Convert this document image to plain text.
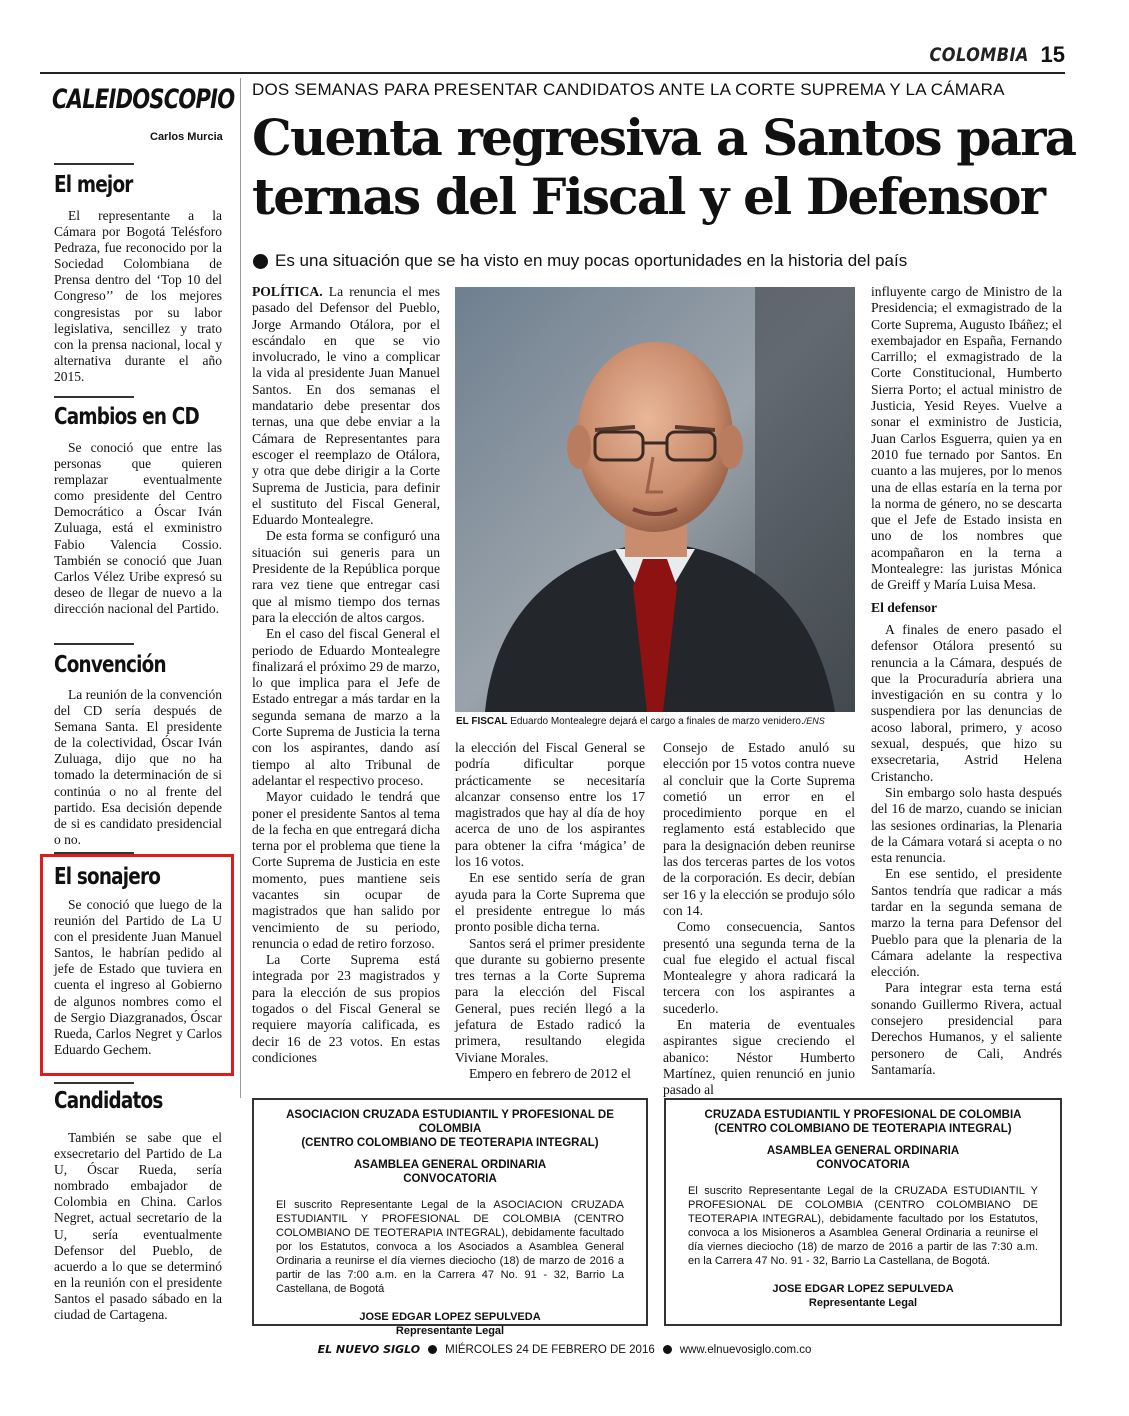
COLOMBIA 15
CALEIDOSCOPIO
Carlos Murcia
El mejor
El representante a la Cámara por Bogotá Telésforo Pedraza, fue reconocido por la Sociedad Colombiana de Prensa dentro del ‘Top 10 del Congreso’’ de los mejores congresistas por su labor legislativa, sencillez y trato con la prensa nacional, local y alternativa durante el año 2015.
Cambios en CD
Se conoció que entre las personas que quieren remplazar eventualmente como presidente del Centro Democrático a Óscar Iván Zuluaga, está el exministro Fabio Valencia Cossio. También se conoció que Juan Carlos Vélez Uribe expresó su deseo de llegar de nuevo a la dirección nacional del Partido.
Convención
La reunión de la convención del CD sería después de Semana Santa. El presidente de la colectividad, Óscar Iván Zuluaga, dijo que no ha tomado la determinación de si continúa o no al frente del partido. Esa decisión depende de si es candidato presidencial o no.
El sonajero
Se conoció que luego de la reunión del Partido de La U con el presidente Juan Manuel Santos, le habrían pedido al jefe de Estado que tuviera en cuenta el ingreso al Gobierno de algunos nombres como el de Sergio Diazgranados, Óscar Rueda, Carlos Negret y Carlos Eduardo Gechem.
Candidatos
También se sabe que el exsecretario del Partido de La U, Óscar Rueda, sería nombrado embajador de Colombia en China. Carlos Negret, actual secretario de la U, sería eventualmente Defensor del Pueblo, de acuerdo a lo que se determinó en la reunión con el presidente Santos el pasado sábado en la ciudad de Cartagena.
DOS SEMANAS PARA PRESENTAR CANDIDATOS ANTE LA CORTE SUPREMA Y LA CÁMARA
Cuenta regresiva a Santos para ternas del Fiscal y el Defensor
Es una situación que se ha visto en muy pocas oportunidades en la historia del país

POLÍTICA. La renuncia el mes pasado del Defensor del Pueblo, Jorge Armando Otálora, por el escándalo en que se vio involucrado, le vino a complicar la vida al presidente Juan Manuel Santos. En dos semanas el mandatario debe presentar dos ternas, una que debe enviar a la Cámara de Representantes para escoger el reemplazo de Otálora, y otra que debe dirigir a la Corte Suprema de Justicia, para definir el sustituto del Fiscal General, Eduardo Montealegre.

De esta forma se configuró una situación sui generis para un Presidente de la República porque rara vez tiene que entregar casi que al mismo tiempo dos ternas para la elección de altos cargos.

En el caso del fiscal General el periodo de Eduardo Montealegre finalizará el próximo 29 de marzo, lo que implica para el Jefe de Estado entregar a más tardar en la segunda semana de marzo a la Corte Suprema de Justicia la terna con los aspirantes, dando así tiempo al alto Tribunal de adelantar el respectivo proceso.

Mayor cuidado le tendrá que poner el presidente Santos al tema de la fecha en que entregará dicha terna por el problema que tiene la Corte Suprema de Justicia en este momento, pues mantiene seis vacantes sin ocupar de magistrados que han salido por vencimiento de su periodo, renuncia o edad de retiro forzoso.

La Corte Suprema está integrada por 23 magistrados y para la elección de sus propios togados o del Fiscal General se requiere mayoría calificada, es decir 16 de 23 votos. En estas condiciones

EL FISCAL Eduardo Montealegre dejará el cargo a finales de marzo venidero./ENS

la elección del Fiscal General se podría dificultar porque prácticamente se necesitaría alcanzar consenso entre los 17 magistrados que hay al día de hoy acerca de uno de los aspirantes para obtener la cifra ‘mágica’ de los 16 votos.

En ese sentido sería de gran ayuda para la Corte Suprema que el presidente entregue lo más pronto posible dicha terna.

Santos será el primer presidente que durante su gobierno presente tres ternas a la Corte Suprema para la elección del Fiscal General, pues recién llegó a la jefatura de Estado radicó la primera, resultando elegida Viviane Morales.

Empero en febrero de 2012 el

Consejo de Estado anuló su elección por 15 votos contra nueve al concluir que la Corte Suprema cometió un error en el procedimiento porque en el reglamento está establecido que para la designación deben reunirse las dos terceras partes de los votos de la corporación. Es decir, debían ser 16 y la elección se produjo sólo con 14.

Como consecuencia, Santos presentó una segunda terna de la cual fue elegido el actual fiscal Montealegre y ahora radicará la tercera con los aspirantes a sucederlo.

En materia de eventuales aspirantes sigue creciendo el abanico: Néstor Humberto Martínez, quien renunció en junio pasado al

influyente cargo de Ministro de la Presidencia; el exmagistrado de la Corte Suprema, Augusto Ibáñez; el exembajador en España, Fernando Carrillo; el exmagistrado de la Corte Constitucional, Humberto Sierra Porto; el actual ministro de Justicia, Yesid Reyes. Vuelve a sonar el exministro de Justicia, Juan Carlos Esguerra, quien ya en 2010 fue ternado por Santos. En cuanto a las mujeres, por lo menos una de ellas estaría en la terna por la norma de género, no se descarta que el Jefe de Estado insista en uno de los nombres que acompañaron en la terna a Montealegre: las juristas Mónica de Greiff y María Luisa Mesa.

El defensor

A finales de enero pasado el defensor Otálora presentó su renuncia a la Cámara, después de que la Procuraduría abriera una investigación en su contra y lo suspendiera por las denuncias de acoso laboral, primero, y acoso sexual, después, que hizo su exsecretaria, Astrid Helena Cristancho.

Sin embargo solo hasta después del 16 de marzo, cuando se inician las sesiones ordinarias, la Plenaria de la Cámara votará si acepta o no esta renuncia.

En ese sentido, el presidente Santos tendría que radicar a más tardar en la segunda semana de marzo la terna para Defensor del Pueblo para que la plenaria de la Cámara adelante la respectiva elección.

Para integrar esta terna está sonando Guillermo Rivera, actual consejero presidencial para Derechos Humanos, y el saliente personero de Cali, Andrés Santamaría.

ASOCIACION CRUZADA ESTUDIANTIL Y PROFESIONAL DE COLOMBIA
(CENTRO COLOMBIANO DE TEOTERAPIA INTEGRAL)
ASAMBLEA GENERAL ORDINARIA
CONVOCATORIA
El suscrito Representante Legal de la ASOCIACION CRUZADA ESTUDIANTIL Y PROFESIONAL DE COLOMBIA (CENTRO COLOMBIANO DE TEOTERAPIA INTEGRAL), debidamente facultado por los Estatutos, convoca a los Asociados a Asamblea General Ordinaria a reunirse el día viernes dieciocho (18) de marzo de 2016 a partir de las 7:00 a.m. en la Carrera 47 No. 91 - 32, Barrio La Castellana, de Bogotá
JOSE EDGAR LOPEZ SEPULVEDA
Representante Legal
CRUZADA ESTUDIANTIL Y PROFESIONAL DE COLOMBIA
(CENTRO COLOMBIANO DE TEOTERAPIA INTEGRAL)
ASAMBLEA GENERAL ORDINARIA
CONVOCATORIA
El suscrito Representante Legal de la CRUZADA ESTUDIANTIL Y PROFESIONAL DE COLOMBIA (CENTRO COLOMBIANO DE TEOTERAPIA INTEGRAL), debidamente facultado por los Estatutos, convoca a los Misioneros a Asamblea General Ordinaria a reunirse el día viernes dieciocho (18) de marzo de 2016 a partir de las 7:30 a.m. en la Carrera 47 No. 91 - 32, Barrio La Castellana, de Bogotá.
JOSE EDGAR LOPEZ SEPULVEDA
Representante Legal
EL NUEVO SIGLO MIÉRCOLES 24 DE FEBRERO DE 2016 www.elnuevosiglo.com.co
